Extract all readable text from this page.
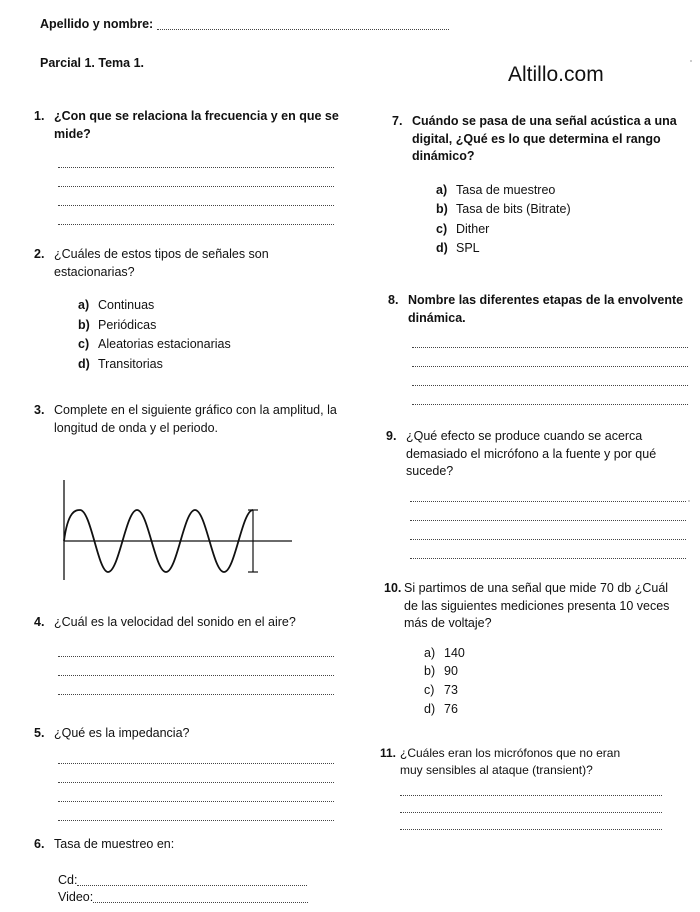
Apellido y nombre:
Parcial 1. Tema 1.	Altillo.com
1. ¿Con que se relaciona la frecuencia y en que se mide?
2. ¿Cuáles de estos tipos de señales son estacionarias?
a) Continuas
b) Periódicas
c) Aleatorias estacionarias
d) Transitorias
3. Complete en el siguiente gráfico con la amplitud, la longitud de onda y el periodo.
4. ¿Cuál es la velocidad del sonido en el aire?
5. ¿Qué es la impedancia?
6. Tasa de muestreo en:
Cd:
Video:
7. Cuándo se pasa de una señal acústica a una digital, ¿Qué es lo que determina el rango dinámico?
a) Tasa de muestreo
b) Tasa de bits (Bitrate)
c) Dither
d) SPL
8. Nombre las diferentes etapas de la envolvente dinámica.
9. ¿Qué efecto se produce cuando se acerca demasiado el micrófono a la fuente y por qué sucede?
10. Si partimos de una señal que mide 70 db ¿Cuál de las siguientes mediciones presenta 10 veces más de voltaje?
a) 140
b) 90
c) 73
d) 76
11. ¿Cuáles eran los micrófonos que no eran muy sensibles al ataque (transient)?
